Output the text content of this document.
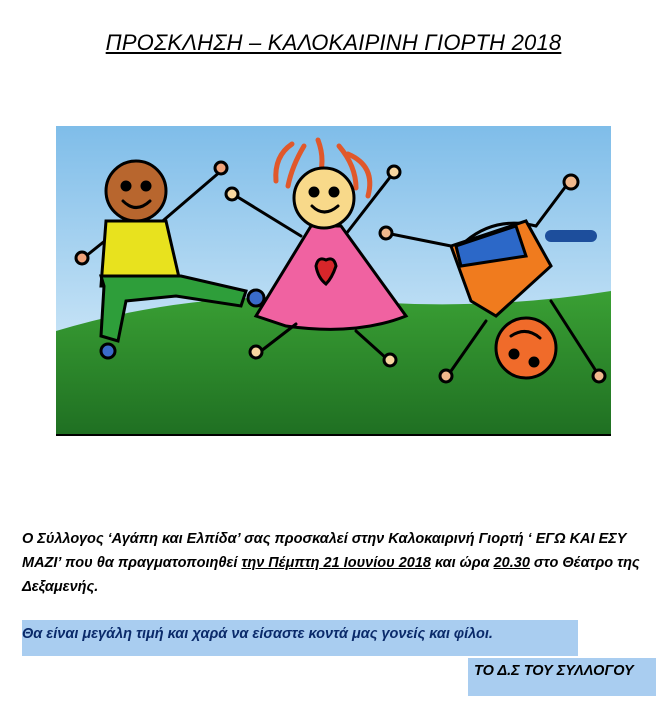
ΠΡΟΣΚΛΗΣΗ – ΚΑΛΟΚΑΙΡΙΝΗ ΓΙΟΡΤΗ 2018
Ο Σύλλογος ‘Αγάπη και Ελπίδα’ σας προσκαλεί στην Καλοκαιρινή Γιορτή ‘ ΕΓΩ ΚΑΙ ΕΣΥ ΜΑΖΙ’ που θα πραγματοποιηθεί την Πέμπτη 21 Ιουνίου 2018 και ώρα 20.30 στο Θέατρο της Δεξαμενής.
Θα είναι μεγάλη τιμή και χαρά να είσαστε κοντά μας γονείς και φίλοι.
ΤΟ Δ.Σ ΤΟΥ ΣΥΛΛΟΓΟΥ
